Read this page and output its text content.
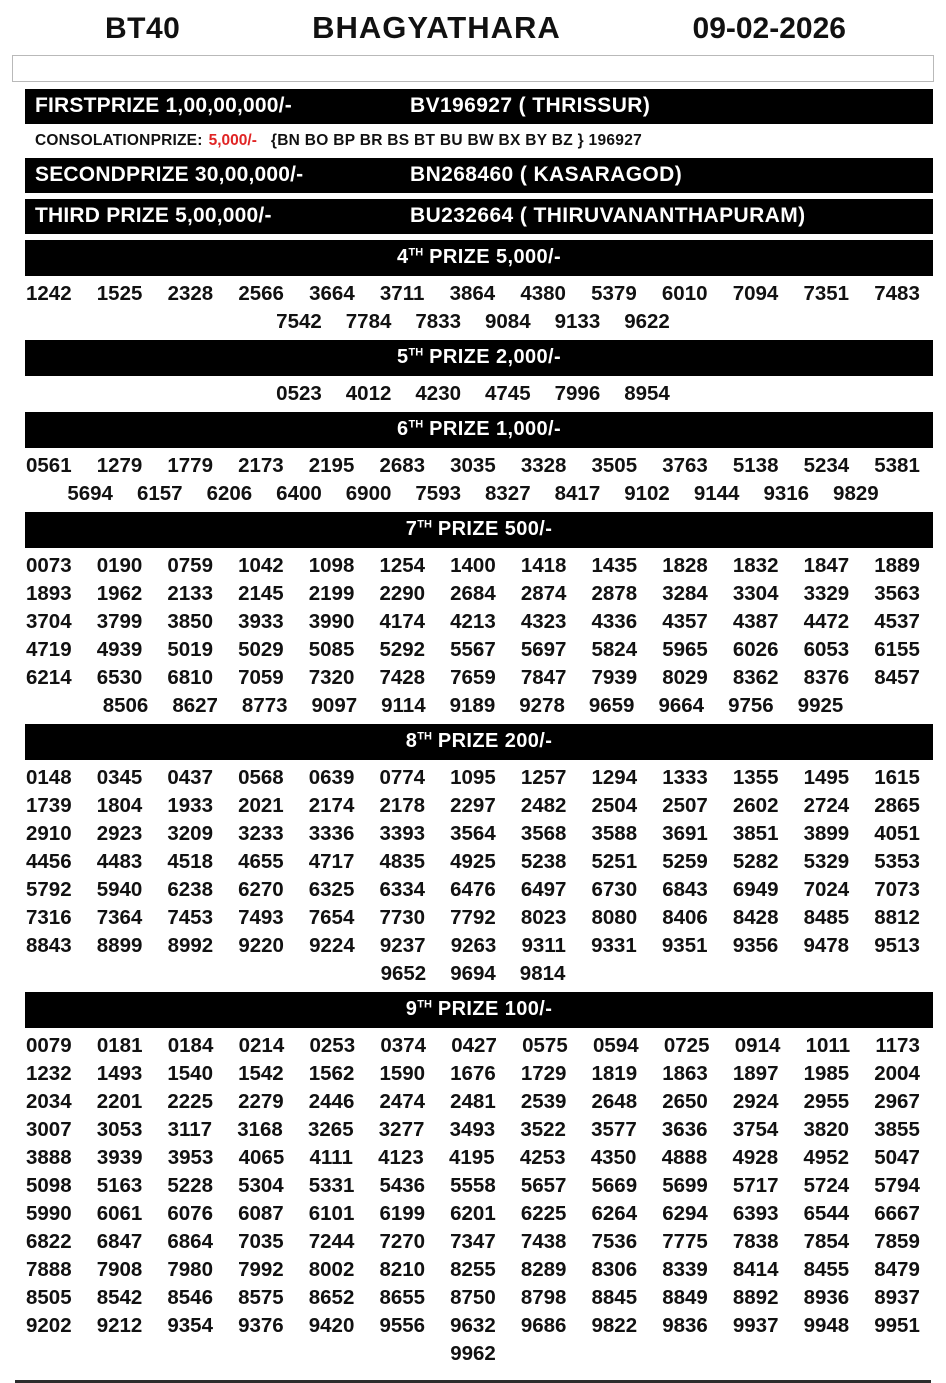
BT40	BHAGYATHARA	09-02-2026
FIRSTPRIZE 1,00,00,000/-	BV196927 ( THRISSUR)
CONSOLATIONPRIZE: 5,000/- {BN BO BP BR BS BT BU BW BX BY BZ } 196927
SECONDPRIZE 30,00,000/-	BN268460 ( KASARAGOD)
THIRD PRIZE 5,00,000/-	BU232664 ( THIRUVANANTHAPURAM)
4TH PRIZE 5,000/-
1242 1525 2328 2566 3664 3711 3864 4380 5379 6010 7094 7351 7483
7542 7784 7833 9084 9133 9622
5TH PRIZE 2,000/-
0523 4012 4230 4745 7996 8954
6TH PRIZE 1,000/-
0561 1279 1779 2173 2195 2683 3035 3328 3505 3763 5138 5234 5381
5694 6157 6206 6400 6900 7593 8327 8417 9102 9144 9316 9829
7TH PRIZE 500/-
0073 0190 0759 1042 1098 1254 1400 1418 1435 1828 1832 1847 1889
1893 1962 2133 2145 2199 2290 2684 2874 2878 3284 3304 3329 3563
3704 3799 3850 3933 3990 4174 4213 4323 4336 4357 4387 4472 4537
4719 4939 5019 5029 5085 5292 5567 5697 5824 5965 6026 6053 6155
6214 6530 6810 7059 7320 7428 7659 7847 7939 8029 8362 8376 8457
8506 8627 8773 9097 9114 9189 9278 9659 9664 9756 9925
8TH PRIZE 200/-
0148 0345 0437 0568 0639 0774 1095 1257 1294 1333 1355 1495 1615
1739 1804 1933 2021 2174 2178 2297 2482 2504 2507 2602 2724 2865
2910 2923 3209 3233 3336 3393 3564 3568 3588 3691 3851 3899 4051
4456 4483 4518 4655 4717 4835 4925 5238 5251 5259 5282 5329 5353
5792 5940 6238 6270 6325 6334 6476 6497 6730 6843 6949 7024 7073
7316 7364 7453 7493 7654 7730 7792 8023 8080 8406 8428 8485 8812
8843 8899 8992 9220 9224 9237 9263 9311 9331 9351 9356 9478 9513
9652 9694 9814
9TH PRIZE 100/-
0079 0181 0184 0214 0253 0374 0427 0575 0594 0725 0914 1011 1173
1232 1493 1540 1542 1562 1590 1676 1729 1819 1863 1897 1985 2004
2034 2201 2225 2279 2446 2474 2481 2539 2648 2650 2924 2955 2967
3007 3053 3117 3168 3265 3277 3493 3522 3577 3636 3754 3820 3855
3888 3939 3953 4065 4111 4123 4195 4253 4350 4888 4928 4952 5047
5098 5163 5228 5304 5331 5436 5558 5657 5669 5699 5717 5724 5794
5990 6061 6076 6087 6101 6199 6201 6225 6264 6294 6393 6544 6667
6822 6847 6864 7035 7244 7270 7347 7438 7536 7775 7838 7854 7859
7888 7908 7980 7992 8002 8210 8255 8289 8306 8339 8414 8455 8479
8505 8542 8546 8575 8652 8655 8750 8798 8845 8849 8892 8936 8937
9202 9212 9354 9376 9420 9556 9632 9686 9822 9836 9937 9948 9951
9962
